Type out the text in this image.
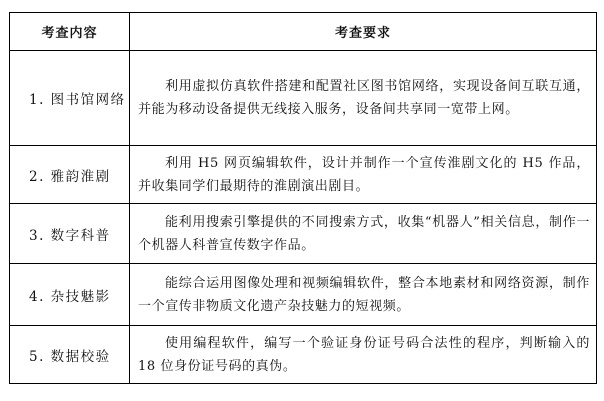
考查内容	考查要求
1. 图书馆网络	利用虚拟仿真软件搭建和配置社区图书馆网络，实现设备间互联互通，并能为移动设备提供无线接入服务，设备间共享同一宽带上网。
2. 雅韵淮剧	利用 H5 网页编辑软件，设计并制作一个宣传淮剧文化的 H5 作品，并收集同学们最期待的淮剧演出剧目。
3. 数字科普	能利用搜索引擎提供的不同搜索方式，收集“机器人”相关信息，制作一个机器人科普宣传数字作品。
4. 杂技魅影	能综合运用图像处理和视频编辑软件，整合本地素材和网络资源，制作一个宣传非物质文化遗产杂技魅力的短视频。
5. 数据校验	使用编程软件，编写一个验证身份证号码合法性的程序，判断输入的 18 位身份证号码的真伪。
